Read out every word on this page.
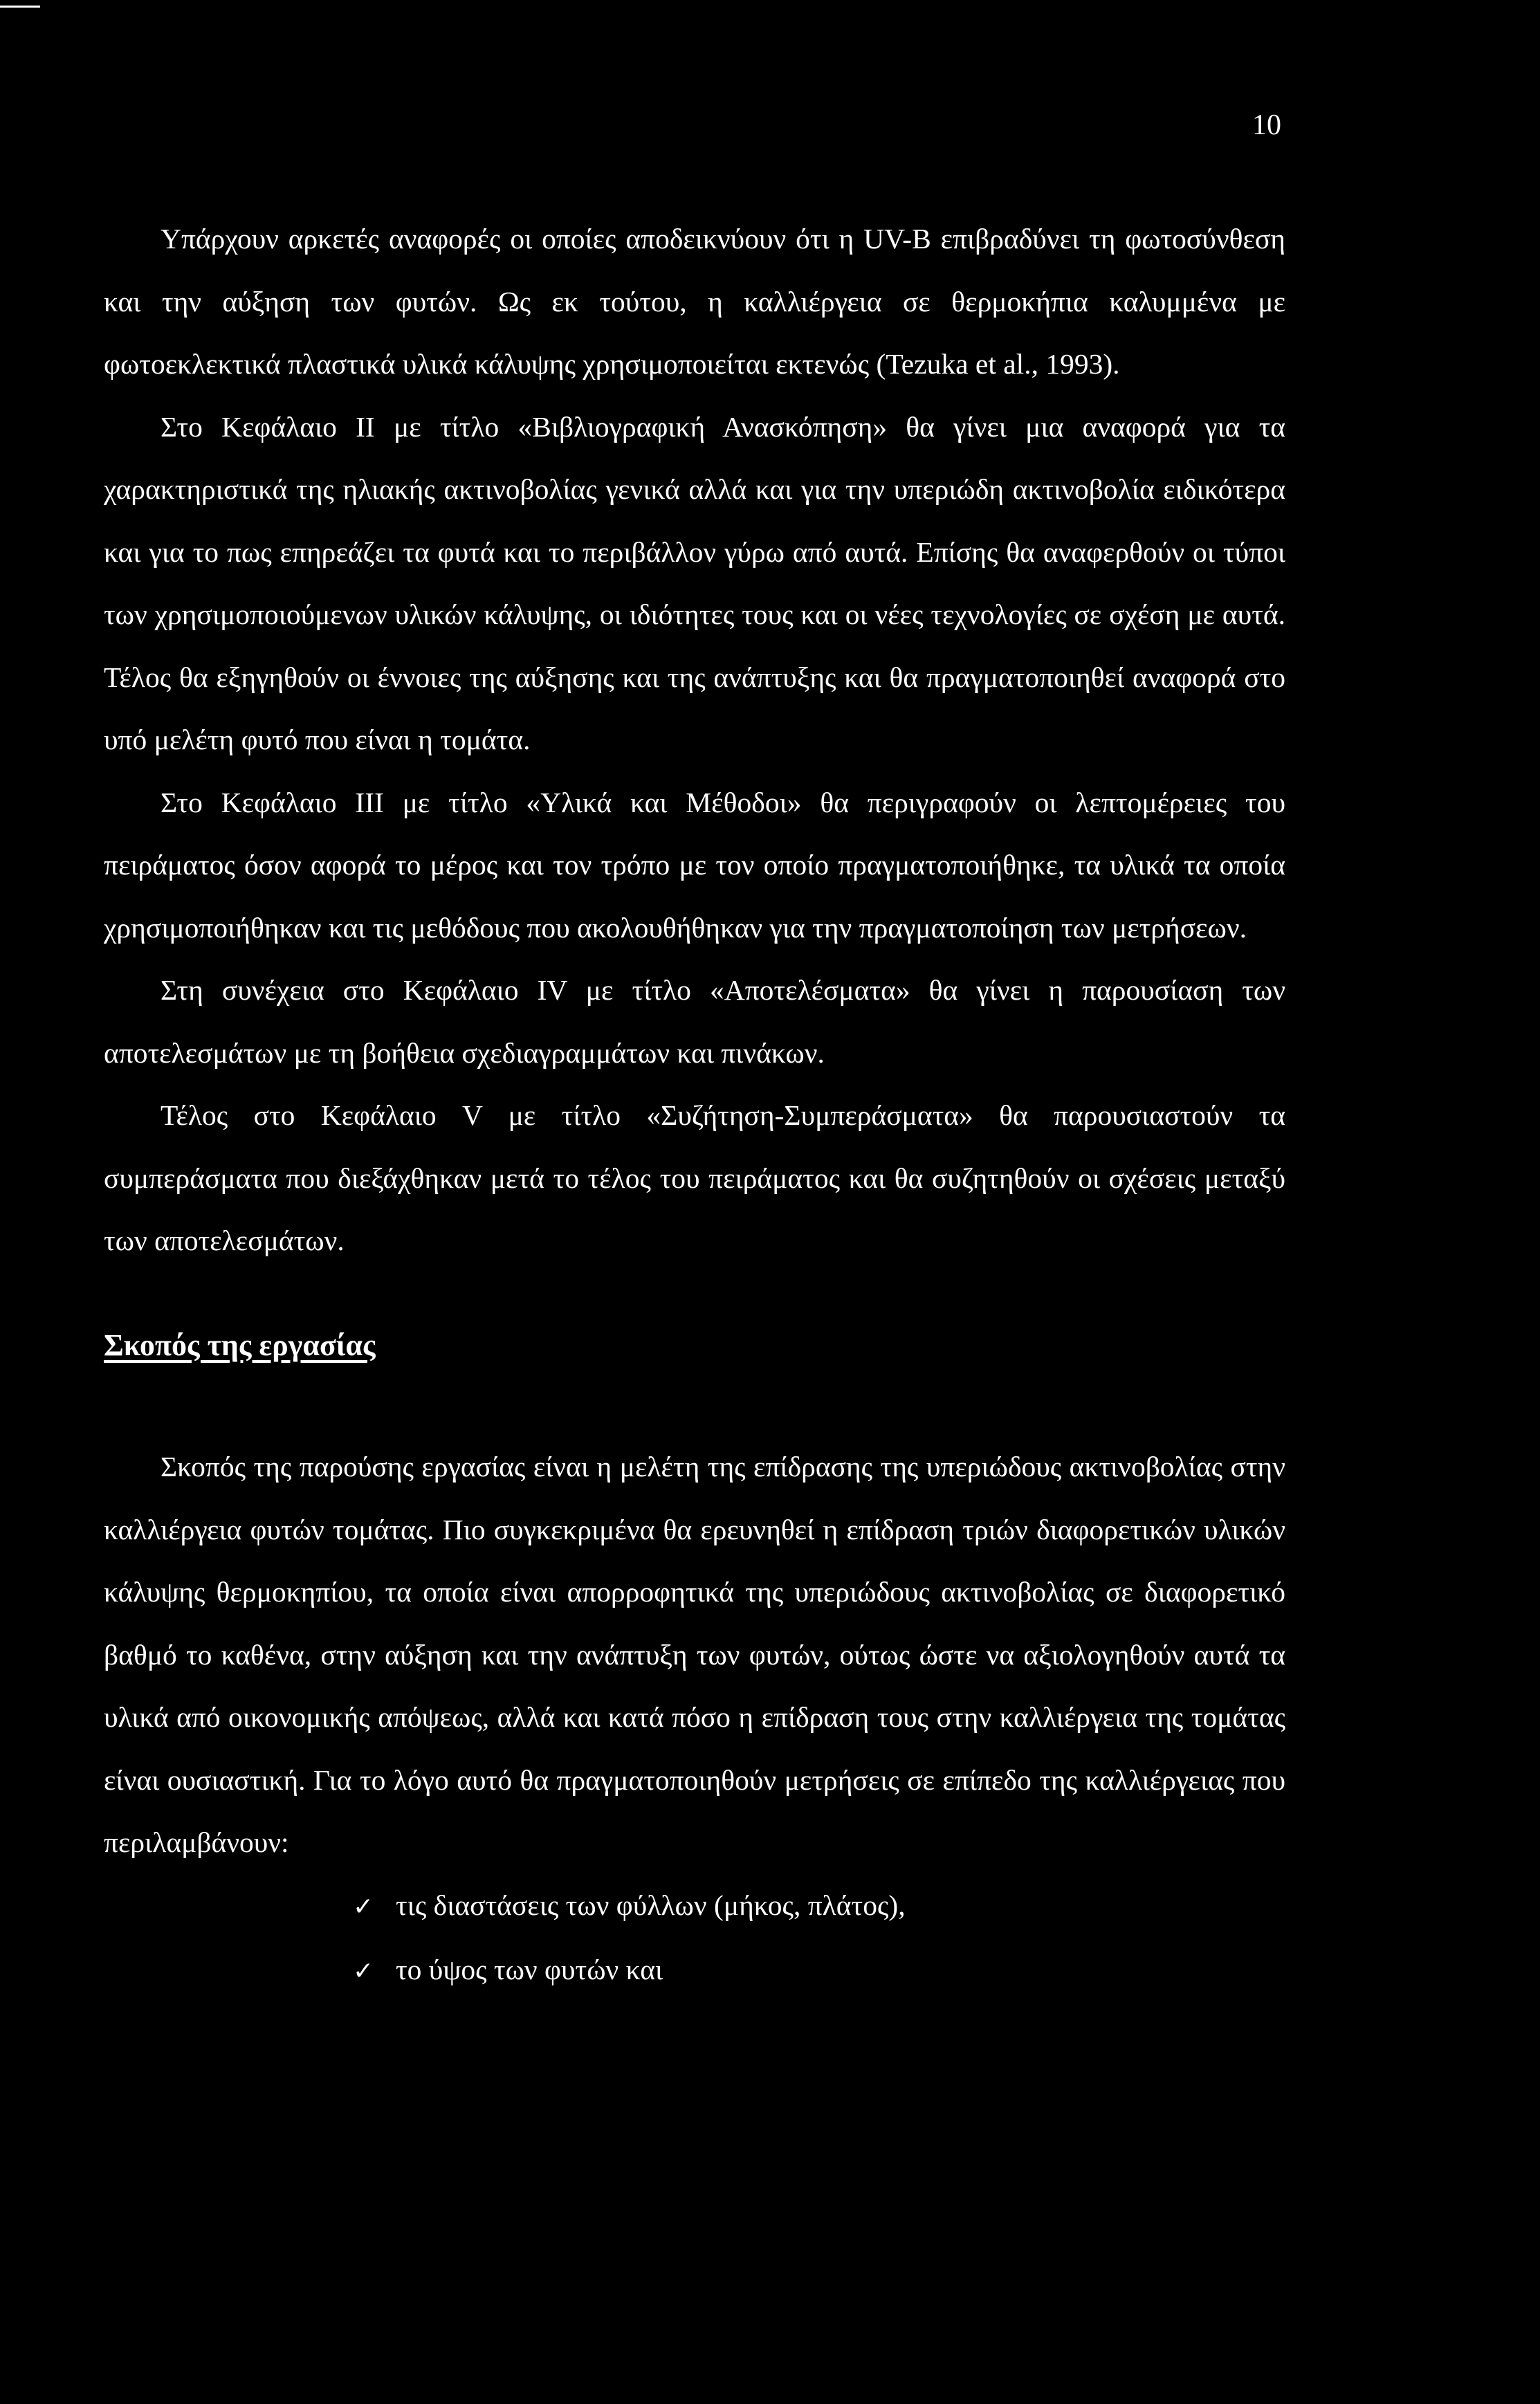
10

Υπάρχουν αρκετές αναφορές οι οποίες αποδεικνύουν ότι η UV-B επιβραδύνει τη φωτοσύνθεση και την αύξηση των φυτών. Ως εκ τούτου, η καλλιέργεια σε θερμοκήπια καλυμμένα με φωτοεκλεκτικά πλαστικά υλικά κάλυψης χρησιμοποιείται εκτενώς (Tezuka et al., 1993).

Στο Κεφάλαιο II με τίτλο «Βιβλιογραφική Ανασκόπηση» θα γίνει μια αναφορά για τα χαρακτηριστικά της ηλιακής ακτινοβολίας γενικά αλλά και για την υπεριώδη ακτινοβολία ειδικότερα και για το πως επηρεάζει τα φυτά και το περιβάλλον γύρω από αυτά. Επίσης θα αναφερθούν οι τύποι των χρησιμοποιούμενων υλικών κάλυψης, οι ιδιότητες τους και οι νέες τεχνολογίες σε σχέση με αυτά. Τέλος θα εξηγηθούν οι έννοιες της αύξησης και της ανάπτυξης και θα πραγματοποιηθεί αναφορά στο υπό μελέτη φυτό που είναι η τομάτα.

Στο Κεφάλαιο III με τίτλο «Υλικά και Μέθοδοι» θα περιγραφούν οι λεπτομέρειες του πειράματος όσον αφορά το μέρος και τον τρόπο με τον οποίο πραγματοποιήθηκε, τα υλικά τα οποία χρησιμοποιήθηκαν και τις μεθόδους που ακολουθήθηκαν για την πραγματοποίηση των μετρήσεων.

Στη συνέχεια στο Κεφάλαιο IV με τίτλο «Αποτελέσματα» θα γίνει η παρουσίαση των αποτελεσμάτων με τη βοήθεια σχεδιαγραμμάτων και πινάκων.

Τέλος στο Κεφάλαιο V με τίτλο «Συζήτηση-Συμπεράσματα» θα παρουσιαστούν τα συμπεράσματα που διεξάχθηκαν μετά το τέλος του πειράματος και θα συζητηθούν οι σχέσεις μεταξύ των αποτελεσμάτων.

Σκοπός της εργασίας

Σκοπός της παρούσης εργασίας είναι η μελέτη της επίδρασης της υπεριώδους ακτινοβολίας στην καλλιέργεια φυτών τομάτας. Πιο συγκεκριμένα θα ερευνηθεί η επίδραση τριών διαφορετικών υλικών κάλυψης θερμοκηπίου, τα οποία είναι απορροφητικά της υπεριώδους ακτινοβολίας σε διαφορετικό βαθμό το καθένα, στην αύξηση και την ανάπτυξη των φυτών, ούτως ώστε να αξιολογηθούν αυτά τα υλικά από οικονομικής απόψεως, αλλά και κατά πόσο η επίδραση τους στην καλλιέργεια της τομάτας είναι ουσιαστική. Για το λόγο αυτό θα πραγματοποιηθούν μετρήσεις σε επίπεδο της καλλιέργειας που περιλαμβάνουν:

✓ τις διαστάσεις των φύλλων (μήκος, πλάτος),
✓ το ύψος των φυτών και
